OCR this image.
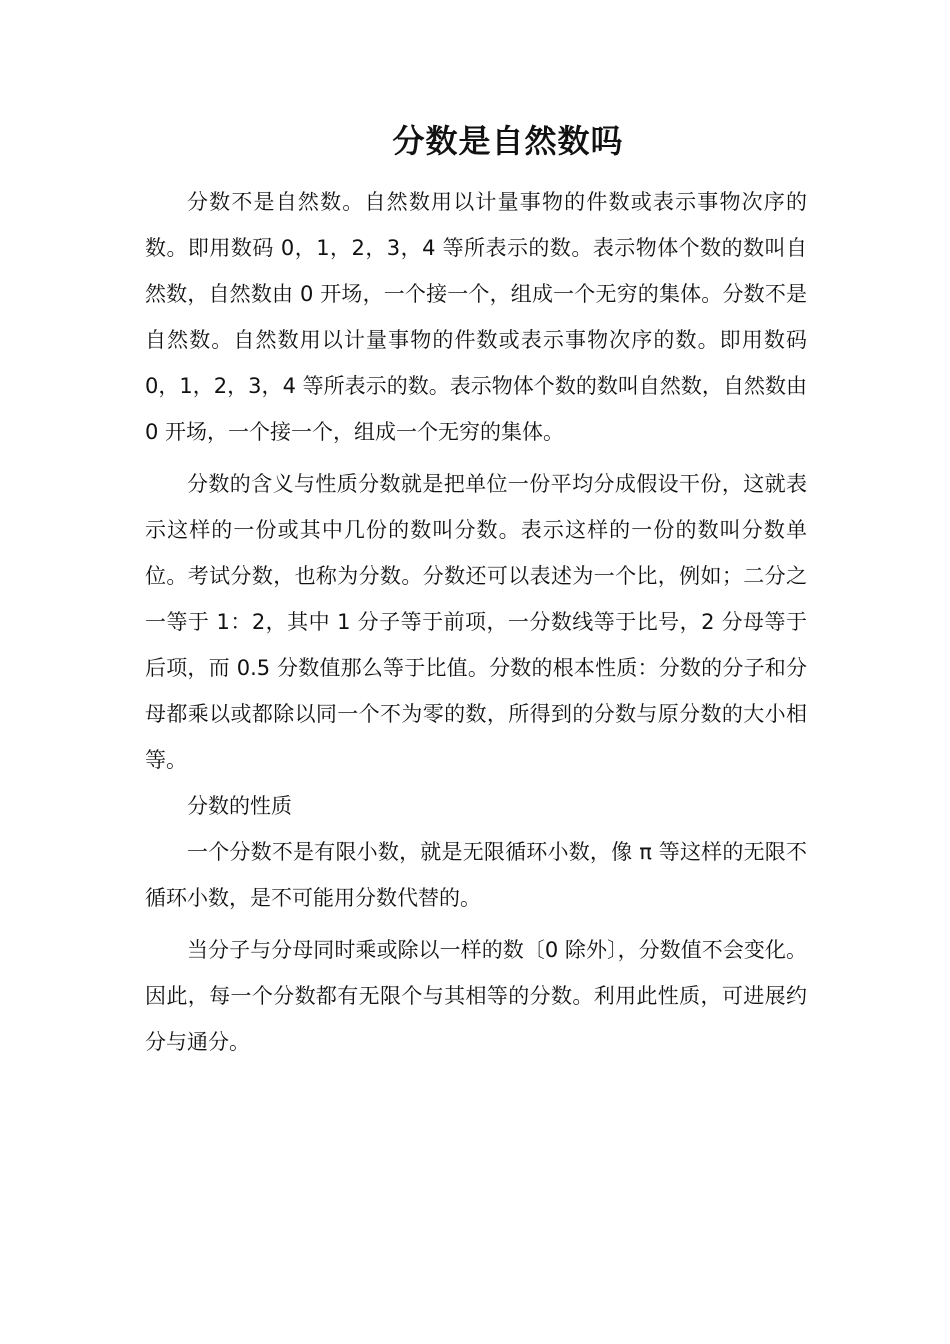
分数是自然数吗

分数不是自然数。自然数用以计量事物的件数或表示事物次序的数。即用数码 0，1，2，3，4 等所表示的数。表示物体个数的数叫自然数，自然数由 0 开场，一个接一个，组成一个无穷的集体。分数不是自然数。自然数用以计量事物的件数或表示事物次序的数。即用数码 0，1，2，3，4 等所表示的数。表示物体个数的数叫自然数，自然数由 0 开场，一个接一个，组成一个无穷的集体。

分数的含义与性质分数就是把单位一份平均分成假设干份，这就表示这样的一份或其中几份的数叫分数。表示这样的一份的数叫分数单位。考试分数，也称为分数。分数还可以表述为一个比，例如；二分之一等于 1：2，其中 1 分子等于前项，一分数线等于比号，2 分母等于后项，而 0.5 分数值那么等于比值。分数的根本性质：分数的分子和分母都乘以或都除以同一个不为零的数，所得到的分数与原分数的大小相等。

分数的性质

一个分数不是有限小数，就是无限循环小数，像 π 等这样的无限不循环小数，是不可能用分数代替的。

当分子与分母同时乘或除以一样的数〔0 除外〕，分数值不会变化。因此，每一个分数都有无限个与其相等的分数。利用此性质，可进展约分与通分。
